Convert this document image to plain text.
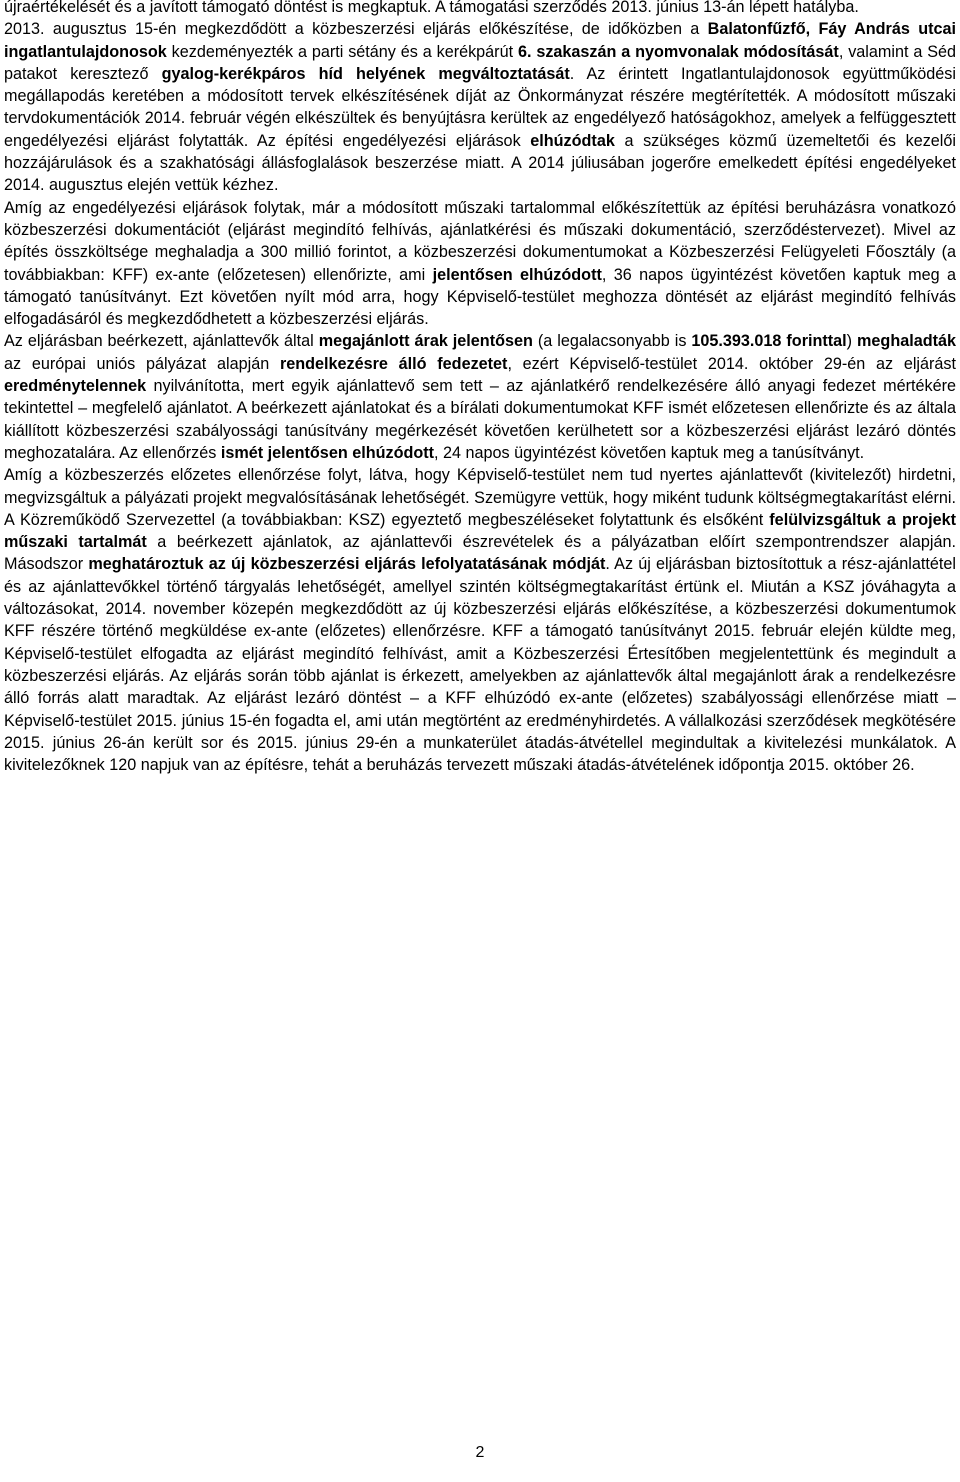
újraértékelését és a javított támogató döntést is megkaptuk. A támogatási szerződés 2013. június 13-án lépett hatályba.

2013. augusztus 15-én megkezdődött a közbeszerzési eljárás előkészítése, de időközben a Balatonfűzfő, Fáy András utcai ingatlantulajdonosok kezdeményezték a parti sétány és a kerékpárút 6. szakaszán a nyomvonalak módosítását, valamint a Séd patakot keresztező gyalog-kerékpáros híd helyének megváltoztatását. Az érintett Ingatlantulajdonosok együttműködési megállapodás keretében a módosított tervek elkészítésének díját az Önkormányzat részére megtérítették. A módosított műszaki tervdokumentációk 2014. február végén elkészültek és benyújtásra kerültek az engedélyező hatóságokhoz, amelyek a felfüggesztett engedélyezési eljárást folytatták. Az építési engedélyezési eljárások elhúzódtak a szükséges közmű üzemeltetői és kezelői hozzájárulások és a szakhatósági állásfoglalások beszerzése miatt. A 2014 júliusában jogerőre emelkedett építési engedélyeket 2014. augusztus elején vettük kézhez.

Amíg az engedélyezési eljárások folytak, már a módosított műszaki tartalommal előkészítettük az építési beruházásra vonatkozó közbeszerzési dokumentációt (eljárást megindító felhívás, ajánlatkérési és műszaki dokumentáció, szerződéstervezet). Mivel az építés összköltsége meghaladja a 300 millió forintot, a közbeszerzési dokumentumokat a Közbeszerzési Felügyeleti Főosztály (a továbbiakban: KFF) ex-ante (előzetesen) ellenőrizte, ami jelentősen elhúzódott, 36 napos ügyintézést követően kaptuk meg a támogató tanúsítványt. Ezt követően nyílt mód arra, hogy Képviselő-testület meghozza döntését az eljárást megindító felhívás elfogadásáról és megkezdődhetett a közbeszerzési eljárás.

Az eljárásban beérkezett, ajánlattevők által megajánlott árak jelentősen (a legalacsonyabb is 105.393.018 forinttal) meghaladták az európai uniós pályázat alapján rendelkezésre álló fedezetet, ezért Képviselő-testület 2014. október 29-én az eljárást eredménytelennek nyilvánította, mert egyik ajánlattevő sem tett – az ajánlatkérő rendelkezésére álló anyagi fedezet mértékére tekintettel – megfelelő ajánlatot. A beérkezett ajánlatokat és a bírálati dokumentumokat KFF ismét előzetesen ellenőrizte és az általa kiállított közbeszerzési szabályossági tanúsítvány megérkezését követően kerülhetett sor a közbeszerzési eljárást lezáró döntés meghozatalára. Az ellenőrzés ismét jelentősen elhúzódott, 24 napos ügyintézést követően kaptuk meg a tanúsítványt.

Amíg a közbeszerzés előzetes ellenőrzése folyt, látva, hogy Képviselő-testület nem tud nyertes ajánlattevőt (kivitelezőt) hirdetni, megvizsgáltuk a pályázati projekt megvalósításának lehetőségét. Szemügyre vettük, hogy miként tudunk költségmegtakarítást elérni. A Közreműködő Szervezettel (a továbbiakban: KSZ) egyeztető megbeszéléseket folytattunk és elsőként felülvizsgáltuk a projekt műszaki tartalmát a beérkezett ajánlatok, az ajánlattevői észrevételek és a pályázatban előírt szempontrendszer alapján. Másodszor meghatároztuk az új közbeszerzési eljárás lefolyatatásának módját. Az új eljárásban biztosítottuk a rész-ajánlattétel és az ajánlattevőkkel történő tárgyalás lehetőségét, amellyel szintén költségmegtakarítást értünk el. Miután a KSZ jóváhagyta a változásokat, 2014. november közepén megkezdődött az új közbeszerzési eljárás előkészítése, a közbeszerzési dokumentumok KFF részére történő megküldése ex-ante (előzetes) ellenőrzésre. KFF a támogató tanúsítványt 2015. február elején küldte meg, Képviselő-testület elfogadta az eljárást megindító felhívást, amit a Közbeszerzési Értesítőben megjelentettünk és megindult a közbeszerzési eljárás. Az eljárás során több ajánlat is érkezett, amelyekben az ajánlattevők által megajánlott árak a rendelkezésre álló forrás alatt maradtak. Az eljárást lezáró döntést – a KFF elhúzódó ex-ante (előzetes) szabályossági ellenőrzése miatt – Képviselő-testület 2015. június 15-én fogadta el, ami után megtörtént az eredményhirdetés. A vállalkozási szerződések megkötésére 2015. június 26-án került sor és 2015. június 29-én a munkaterület átadás-átvétellel megindultak a kivitelezési munkálatok. A kivitelezőknek 120 napjuk van az építésre, tehát a beruházás tervezett műszaki átadás-átvételének időpontja 2015. október 26.

2
